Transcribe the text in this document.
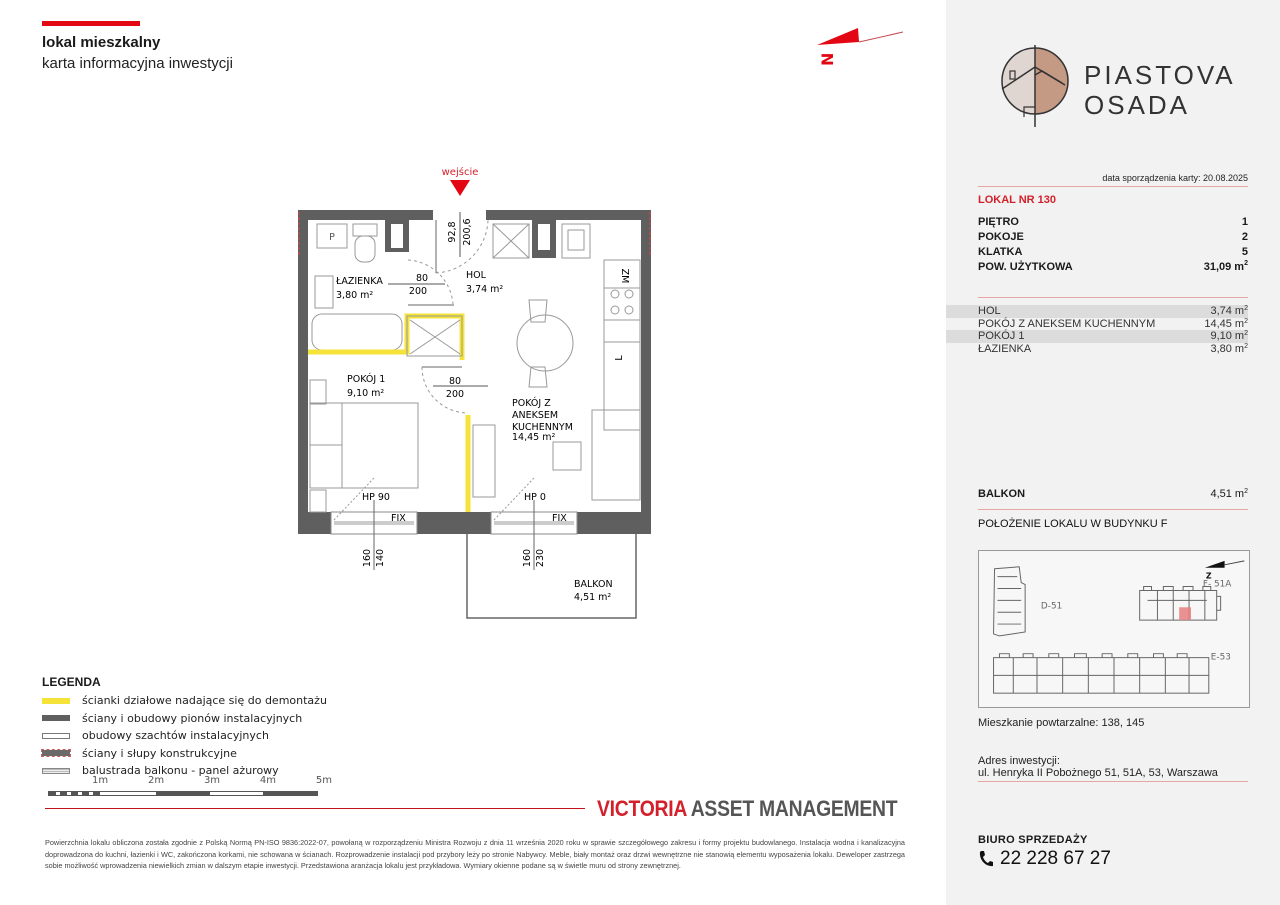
lokal mieszkalny
karta informacyjna inwestycji	N
wejście
P	92,8 200,6
80
200
80
200
ŁAZIENKA
3,80 m²
HOL
3,74 m²
POKÓJ 1
9,10 m²
POKÓJ Z
ANEKSEM
KUCHENNYM
14,45 m²
ZM
L
HP 90
FIX
HP 0
FIX
160 140	160 230
BALKON
4,51 m²
LEGENDA
ścianki działowe nadające się do demontażu
ściany i obudowy pionów instalacyjnych
obudowy szachtów instalacyjnych
ściany i słupy konstrukcyjne
balustrada balkonu - panel ażurowy
1m	2m	3m	4m	5m
VICTORIA ASSET MANAGEMENT
Powierzchnia lokalu obliczona została zgodnie z Polską Normą PN-ISO 9836:2022-07, powołaną w rozporządzeniu Ministra Rozwoju z dnia 11 września 2020 roku w sprawie szczegółowego zakresu i formy projektu budowlanego. Instalacja wodna i kanalizacyjna doprowadzona do kuchni, łazienki i WC, zakończona korkami, nie schowana w ścianach. Rozprowadzenie instalacji pod przybory leży po stronie Nabywcy. Meble, biały montaż oraz drzwi wewnętrzne nie stanowią elementu wyposażenia lokalu. Deweloper zastrzega sobie możliwość wprowadzenia niewielkich zmian w dalszym etapie inwestycji. Przedstawiona aranżacja lokalu jest przykładowa. Wymiary okienne podane są w świetle muru od strony zewnętrznej.
PIASTOVA
OSADA
data sporządzenia karty: 20.08.2025
LOKAL NR 130
PIĘTRO	1
POKOJE	2
KLATKA	5
POW. UŻYTKOWA	31,09 $m^2$
HOL	3,74 $m^2$
POKÓJ Z ANEKSEM KUCHENNYM	14,45 $m^2$
POKÓJ 1	9,10 $m^2$
ŁAZIENKA	3,80 $m^2$
BALKON	4,51 $m^2$
POŁOŻENIE LOKALU W BUDYNKU F
Z
D-51
F- 51A
E-53
Mieszkanie powtarzalne: 138, 145
Adres inwestycji:
ul. Henryka II Pobożnego 51, 51A, 53, Warszawa
BIURO SPRZEDAŻY
22 228 67 27
